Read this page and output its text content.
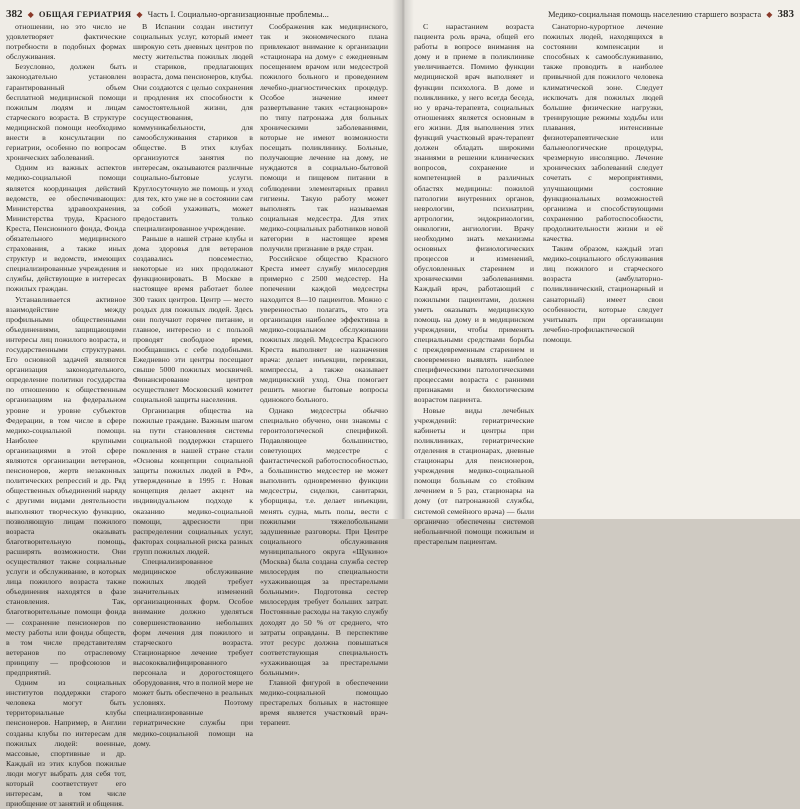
382 ◆ ОБЩАЯ ГЕРИАТРИЯ ◆ Часть I. Социально-организационные проблемы...

отношении, но это число не удовлетворяет фактические потребности в подобных формах обслуживания.

Безусловно, должен быть законодательно установлен гарантированный объем бесплатной медицинской помощи пожилым людям и лицам старческого возраста. В структуре медицинской помощи необходимо внести в консультации по гериатрии, особенно по вопросам хронических заболеваний.

Одним из важных аспектов медико-социальной помощи является координация действий ведомств, ее обеспечивающих: Министерства здравоохранения, Министерства труда, Красного Креста, Пенсионного фонда, Фонда обязательного медицинского страхования, а также иных структур и ведомств, имеющих специализированные учреждения и службы, действующие в интересах пожилых граждан.

Устанавливается активное взаимодействие между профильными общественными объединениями, защищающими интересы лиц пожилого возраста, и государственными структурами. Его основной задачей являются организация законодательного, определение политики государства по отношению к общественным организациям на федеральном уровне и уровне субъектов Федерации, в том числе в сфере медико-социальной помощи. Наиболее крупными организациями в этой сфере являются организации ветеранов, пенсионеров, жертв незаконных политических репрессий и др. Ряд общественных объединений наряду с другими видами деятельности выполняют творческую функцию, позволяющую лицам пожилого возраста оказывать благотворительную помощь, расширять возможности. Они осуществляют также социальные услуги и обслуживание, в которых лица пожилого возраста также объединения находятся в фазе становления. Так, благотворительные помощи фонда — сохранение пенсионеров по месту работы или фонды обществ, в том числе представителям ветеранов по отраслевому принципу — профсоюзов и предприятий.

Одним из социальных институтов поддержки старого человека могут быть территориальные клубы пенсионеров. Например, в Англии созданы клубы по интересам для пожилых людей: военные, массовые, спортивные и др. Каждый из этих клубов пожилые люди могут выбрать для себя тот, который соответствует его интересам, в том числе приобщение от занятий и общения.

В Испании создан институт социальных услуг, который имеет широкую сеть дневных центров по месту жительства пожилых людей и стариков, предлагающих возраста, дома пенсионеров, клубы. Они создаются с целью сохранения и продления их способности к самостоятельной жизни, для сосуществования, коммуникабельности, для самообслуживания стариков в обществе. В этих клубах организуются занятия по интересам, оказываются различные социально-бытовые услуги. Круглосуточную же помощь и уход для тех, кто уже не в состоянии сам за собой ухаживать, может предоставить только специализированное учреждение.

Раньше в нашей стране клубы и дома здоровья для ветеранов создавались повсеместно, некоторые из них продолжают функционировать. В Москве в настоящее время работает более 300 таких центров. Центр — место роздых для пожилых людей. Здесь они получают горячее питание, и главное, интересно и с пользой проводят свободное время, пообщавшись с себе подобными. Ежедневно эти центры посещают свыше 5000 пожилых москвичей. Финансирование центров осуществляет Московский комитет социальной защиты населения.

Организация общества на пожилые граждане. Важным шагом на пути становления системы социальной поддержки старшего поколения в нашей стране стали «Основы концепции социальной защиты пожилых людей в РФ», утвержденные в 1995 г. Новая концепция делает акцент на индивидуальном подходе к оказанию медико-социальной помощи, адресности при распределении социальных услуг, факторах социальной риска разных групп пожилых людей.

Специализированное медицинское обслуживание пожилых людей требует значительных изменений организационных форм. Особое внимание должно уделяться совершенствованию небольших форм лечения для пожилого и старческого возраста. Стационарное лечение требует высококвалифицированного персонала и дорогостоящего оборудования, что в полной мере не может быть обеспечено в реальных условиях. Поэтому специализированные гериатрические службы при медико-социальной помощи на дому.

Соображения как медицинского, так и экономического плана привлекают внимание к организации «стационара на дому» с ежедневным посещением врачом или медсестрой пожилого больного и проведением лечебно-диагностических процедур. Особое значение имеет развертывание таких «стационаров» по типу патронажа для больных хроническими заболеваниями, которые не имеют возможности посещать поликлинику. Больные, получающие лечение на дому, не нуждаются в социально-бытовой помощи и пищевом питании в соблюдении элементарных правил гигиены. Такую работу может выполнять так называемая социальная медсестра. Для этих медико-социальных работников новой категории в настоящее время получили признание в ряде стран.

Российское общество Красного Креста имеет службу милосердия примерно с 2500 медсестер. На попечении каждой медсестры находится 8—10 пациентов. Можно с уверенностью полагать, что эта организация наиболее эффективна в медико-социальном обслуживании пожилых людей. Медсестра Красного Креста выполняет не назначения врача: делает инъекции, перевязки, компрессы, а также оказывает медицинский уход. Она помогает решить многие бытовые вопросы одинокого больного.

Однако медсестры обычно специально обучено, они знакомы с геронтологической спецификой. Подавляющее большинство, советующих медсестре с фантастической работоспособностью, а большинство медсестер не может выполнить одновременно функции медсестры, сиделки, санитарки, уборщицы, т.е. делает инъекции, менять судна, мыть полы, вести с пожилыми тяжелобольными задушевные разговоры. При Центре социального обслуживания муниципального округа «Щукино» (Москва) была создана служба сестер милосердия по специальности «ухаживающая за престарелыми больными». Подготовка сестер милосердия требует больших затрат. Постоянные расходы на такую службу доходят до 50 % от среднего, что затраты оправданы. В перспективе этот ресурс должна повышаться соответствующая специальность «ухаживающая за престарелыми больными».

Главной фигурой в обеспечении медико-социальной помощью престарелых больных в настоящее время является участковый врач-терапевт.

Медико-социальная помощь населению старшего возраста ◆ 383

С нарастанием возраста пациента роль врача, общей его работы в вопросе внимания на дому и в приеме в поликлинике увеличивается. Помимо функции медицинской врач выполняет и функции психолога. В доме и поликлинике, у него всегда беседа, но у врача-терапевта, социальных отношениях является основным в его жизни. Для выполнения этих функций участковый врач-терапевт должен обладать широкими знаниями в решении клинических вопросов, сохранение и компетенцией в различных областях медицины: пожилой патологии внутренних органов, неврологии, психиатрии, артрологии, эндокринологии, онкологии, ангиологии. Врачу необходимо знать механизмы основных физиологических процессов и изменений, обусловленных старением и хроническими заболеваниями. Каждый врач, работающий с пожилыми пациентами, должен уметь оказывать медицинскую помощь на дому и в медицинском учреждении, чтобы применять специальными средствами борьбы с преждевременным старением и своевременно выявлять наиболее специфическими патологическими процессами возраста с ранними признаками и биологическим возрастом пациента.

Новые виды лечебных учреждений: гериатрические кабинеты и центры при поликлиниках, гериатрические отделения в стационарах, дневные стационары для пенсионеров, учреждения медико-социальной помощи больным со стойким лечением в 5 раз, стационары на дому (от патронажной службы, системой семейного врача) — были органично обеспечены системой небольничной помощи пожилым и престарелым пациентам.

Санаторно-курортное лечение пожилых людей, находящихся в состоянии компенсации и способных к самообслуживанию, также проводить в наиболее привычной для пожилого человека климатической зоне. Следует исключать для пожилых людей большие физические нагрузки, тренирующие режимы ходьбы или плавания, интенсивные физиотерапевтические или бальнеологические процедуры, чрезмерную инсоляцию. Лечение хронических заболеваний следует сочетать с мероприятиями, улучшающими состояние функциональных возможностей организма и способствующими сохранению работоспособности, продолжительности жизни и её качества.

Таким образом, каждый этап медико-социального обслуживания лиц пожилого и старческого возраста (амбулаторно-поликлинический, стационарный и санаторный) имеет свои особенности, которые следует учитывать при организации лечебно-профилактической помощи.
